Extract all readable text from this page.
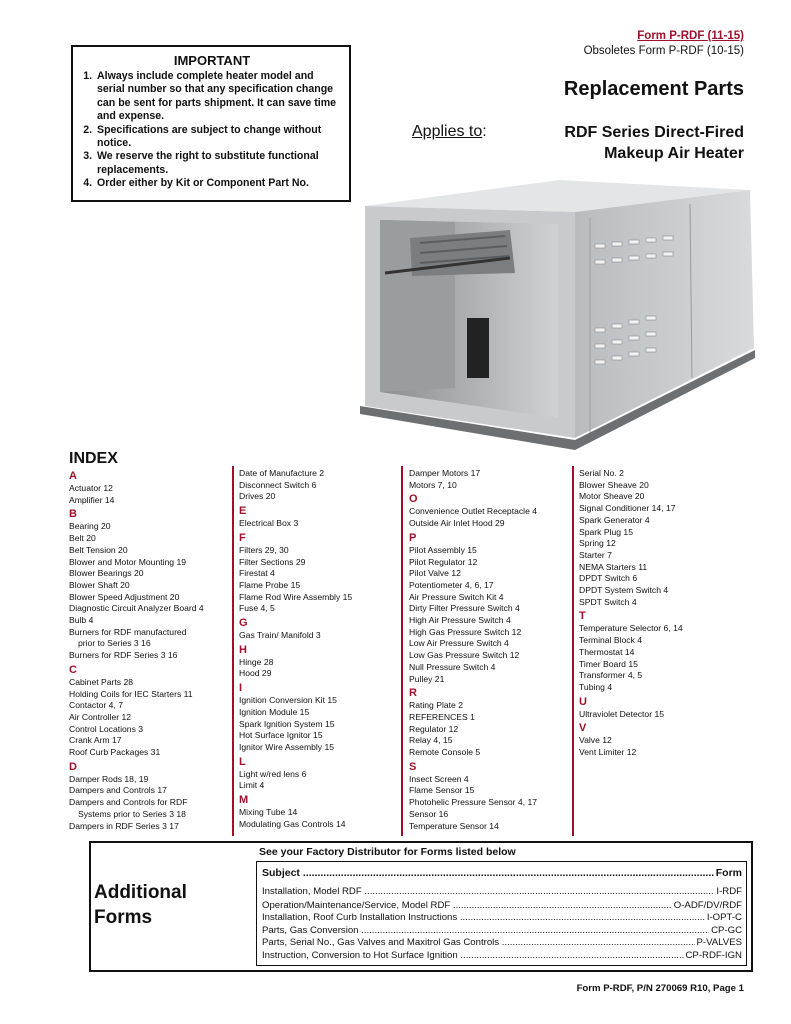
IMPORTANT
1. Always include complete heater model and serial number so that any specification change can be sent for parts shipment. It can save time and expense.
2. Specifications are subject to change without notice.
3. We reserve the right to substitute functional replacements.
4. Order either by Kit or Component Part No.
Form P-RDF (11-15)
Obsoletes Form P-RDF (10-15)
Replacement Parts
Applies to:	RDF Series Direct-Fired
Makeup Air Heater
INDEX
A
Actuator 12
Amplifier 14
B
Bearing 20
Belt 20
Belt Tension 20
Blower and Motor Mounting 19
Blower Bearings 20
Blower Shaft 20
Blower Speed Adjustment 20
Diagnostic Circuit Analyzer Board 4
Bulb 4
Burners for RDF manufactured
prior to Series 3 16
Burners for RDF Series 3 16
C
Cabinet Parts 28
Holding Coils for IEC Starters 11
Contactor 4, 7
Air Controller 12
Control Locations 3
Crank Arm 17
Roof Curb Packages 31
D
Damper Rods 18, 19
Dampers and Controls 17
Dampers and Controls for RDF
Systems prior to Series 3 18
Dampers in RDF Series 3 17
Date of Manufacture 2
Disconnect Switch 6
Drives 20
E
Electrical Box 3
F
Filters 29, 30
Filter Sections 29
Firestat 4
Flame Probe 15
Flame Rod Wire Assembly 15
Fuse 4, 5
G
Gas Train/ Manifold 3
H
Hinge 28
Hood 29
I
Ignition Conversion Kit 15
Ignition Module 15
Spark Ignition System 15
Hot Surface Ignitor 15
Ignitor Wire Assembly 15
L
Light w/red lens 6
Limit 4
M
Mixing Tube 14
Modulating Gas Controls 14
Damper Motors 17
Motors 7, 10
O
Convenience Outlet Receptacle 4
Outside Air Inlet Hood 29
P
Pilot Assembly 15
Pilot Regulator 12
Pilot Valve 12
Potentiometer 4, 6, 17
Air Pressure Switch Kit 4
Dirty Filter Pressure Switch 4
High Air Pressure Switch 4
High Gas Pressure Switch 12
Low Air Pressure Switch 4
Low Gas Pressure Switch 12
Null Pressure Switch 4
Pulley 21
R
Rating Plate 2
REFERENCES 1
Regulator 12
Relay 4, 15
Remote Console 5
S
Insect Screen 4
Flame Sensor 15
Photohelic Pressure Sensor 4, 17
Sensor 16
Temperature Sensor 14
Serial No. 2
Blower Sheave 20
Motor Sheave 20
Signal Conditioner 14, 17
Spark Generator 4
Spark Plug 15
Spring 12
Starter 7
NEMA Starters 11
DPDT Switch 6
DPDT System Switch 4
SPDT Switch 4
T
Temperature Selector 6, 14
Terminal Block 4
Thermostat 14
Timer Board 15
Transformer 4, 5
Tubing 4
U
Ultraviolet Detector 15
V
Valve 12
Vent Limiter 12
Additional
Forms
See your Factory Distributor for Forms listed below
Subject .....	Form
Installation, Model RDF .....	I-RDF
Operation/Maintenance/Service, Model RDF .....	O-ADF/DV/RDF
Installation, Roof Curb Installation Instructions .....	I-OPT-C
Parts, Gas Conversion .....	CP-GC
Parts, Serial No., Gas Valves and Maxitrol Gas Controls .....	P-VALVES
Instruction, Conversion to Hot Surface Ignition .....	CP-RDF-IGN
Form P-RDF, P/N 270069 R10, Page 1
